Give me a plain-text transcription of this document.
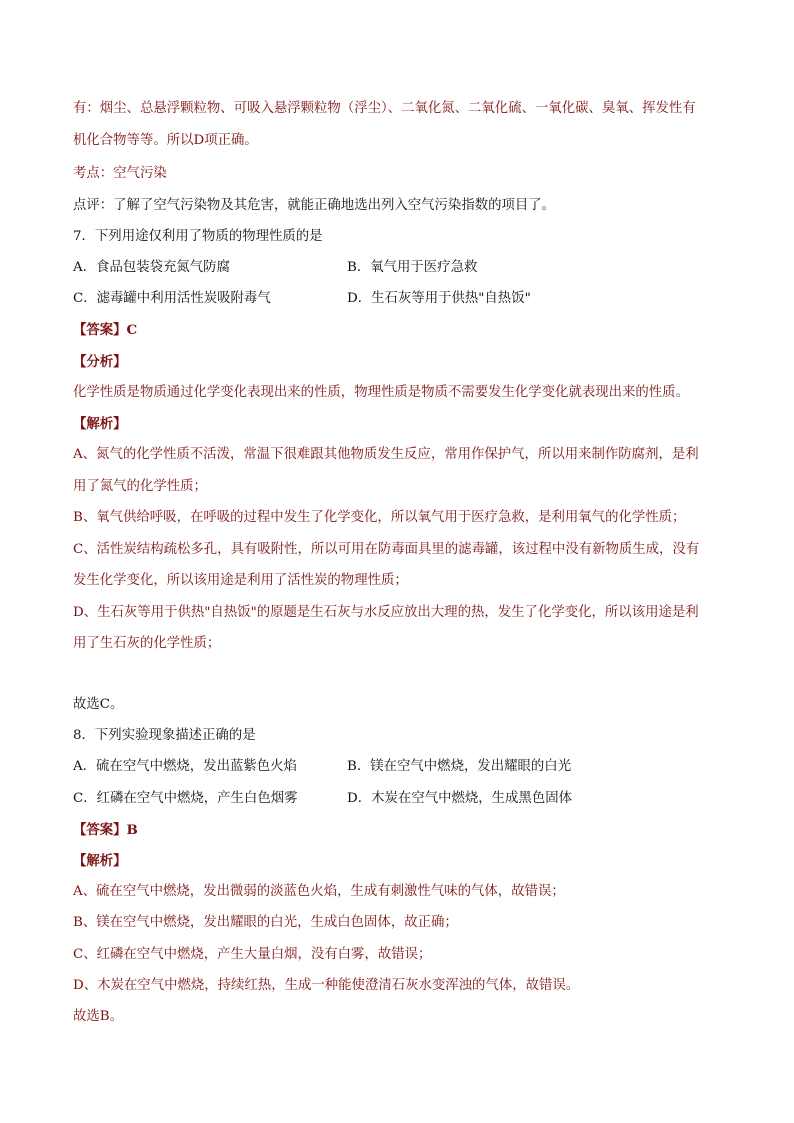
有：烟尘、总悬浮颗粒物、可吸入悬浮颗粒物（浮尘）、二氧化氮、二氧化硫、一氧化碳、臭氧、挥发性有
机化合物等等。所以D项正确。
考点：空气污染
点评：了解了空气污染物及其危害，就能正确地选出列入空气污染指数的项目了。
7．下列用途仅利用了物质的物理性质的是
A．食品包装袋充氮气防腐	B．氧气用于医疗急救
C．滤毒罐中利用活性炭吸附毒气	D．生石灰等用于供热"自热饭"
【答案】C
【分析】
化学性质是物质通过化学变化表现出来的性质，物理性质是物质不需要发生化学变化就表现出来的性质。
【解析】
A、氮气的化学性质不活泼，常温下很难跟其他物质发生反应，常用作保护气，所以用来制作防腐剂，是利
用了氮气的化学性质；
B、氧气供给呼吸，在呼吸的过程中发生了化学变化，所以氧气用于医疗急救，是利用氧气的化学性质；
C、活性炭结构疏松多孔，具有吸附性，所以可用在防毒面具里的滤毒罐，该过程中没有新物质生成，没有
发生化学变化，所以该用途是利用了活性炭的物理性质；
D、生石灰等用于供热"自热饭"的原题是生石灰与水反应放出大理的热，发生了化学变化，所以该用途是利
用了生石灰的化学性质；
故选C。
8．下列实验现象描述正确的是
A．硫在空气中燃烧，发出蓝紫色火焰	B．镁在空气中燃烧，发出耀眼的白光
C．红磷在空气中燃烧，产生白色烟雾	D．木炭在空气中燃烧，生成黑色固体
【答案】B
【解析】
A、硫在空气中燃烧，发出微弱的淡蓝色火焰，生成有刺激性气味的气体，故错误；
B、镁在空气中燃烧，发出耀眼的白光，生成白色固体，故正确；
C、红磷在空气中燃烧，产生大量白烟，没有白雾，故错误；
D、木炭在空气中燃烧，持续红热，生成一种能使澄清石灰水变浑浊的气体，故错误。
故选B。
